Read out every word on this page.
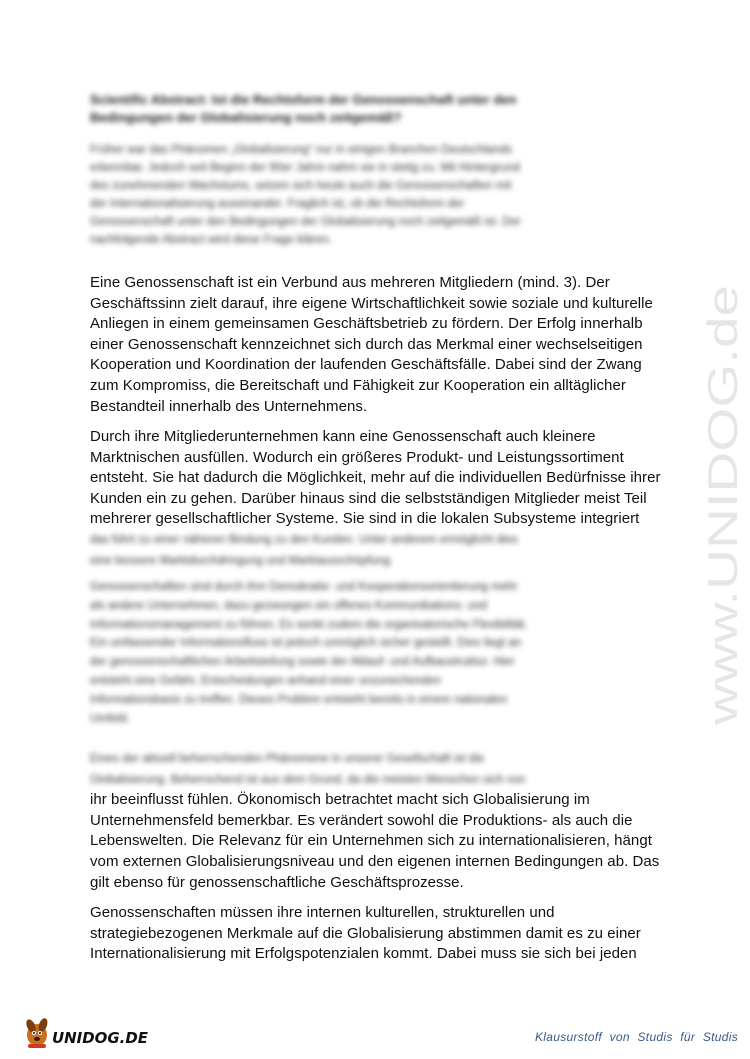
Scientific Abstract: Ist die Rechtsform der Genossenschaft unter den
Bedingungen der Globalisierung noch zeitgemäß?
Früher war das Phänomen „Globalisierung“ nur in einigen Branchen Deutschlands
erkennbar. Jedoch seit Beginn der 90er Jahre nahm sie in stetig zu. Mit Hintergrund
des zunehmenden Wachstums, setzen sich heute auch die Genossenschaften mit
der Internationalisierung auseinander. Fraglich ist, ob die Rechtsform der
Genossenschaft unter den Bedingungen der Globalisierung noch zeitgemäß ist. Der
nachfolgende Abstract wird diese Frage klären.
Eine Genossenschaft ist ein Verbund aus mehreren Mitgliedern (mind. 3). Der
Geschäftssinn zielt darauf, ihre eigene Wirtschaftlichkeit sowie soziale und kulturelle
Anliegen in einem gemeinsamen Geschäftsbetrieb zu fördern. Der Erfolg innerhalb
einer Genossenschaft kennzeichnet sich durch das Merkmal einer wechselseitigen
Kooperation und Koordination der laufenden Geschäftsfälle. Dabei sind der Zwang
zum Kompromiss, die Bereitschaft und Fähigkeit zur Kooperation ein alltäglicher
Bestandteil innerhalb des Unternehmens.
Durch ihre Mitgliederunternehmen kann eine Genossenschaft auch kleinere
Marktnischen ausfüllen. Wodurch ein größeres Produkt- und Leistungssortiment
entsteht. Sie hat dadurch die Möglichkeit, mehr auf die individuellen Bedürfnisse ihrer
Kunden ein zu gehen. Darüber hinaus sind die selbstständigen Mitglieder meist Teil
mehrerer gesellschaftlicher Systeme. Sie sind in die lokalen Subsysteme integriert
das führt zu einer näheren Bindung zu den Kunden. Unter anderem ermöglicht dies
eine bessere Marktdurchdringung und Marktausschöpfung.
Genossenschaften sind durch ihre Demokratie- und Kooperationsorientierung mehr
als andere Unternehmen, dazu gezwungen ein offenes Kommunikations- und
Informationsmanagement zu führen. Es senkt zudem die organisatorische Flexibilität.
Ein umfassender Informationsfluss ist jedoch unmöglich sicher gestellt. Dies liegt an
der genossenschaftlichen Arbeitsteilung sowie der Ablauf- und Aufbaustruktur. Hier
entsteht eine Gefahr, Entscheidungen anhand einer unzureichenden
Informationsbasis zu treffen. Dieses Problem entsteht bereits in einem nationalen
Umfeld.
Eines der aktuell beherrschenden Phänomene in unserer Gesellschaft ist die
Globalisierung. Beherrschend ist aus dem Grund, da die meisten Menschen sich von
ihr beeinflusst fühlen. Ökonomisch betrachtet macht sich Globalisierung im
Unternehmensfeld bemerkbar. Es verändert sowohl die Produktions- als auch die
Lebenswelten. Die Relevanz für ein Unternehmen sich zu internationalisieren, hängt
vom externen Globalisierungsniveau und den eigenen internen Bedingungen ab. Das
gilt ebenso für genossenschaftliche Geschäftsprozesse.
Genossenschaften müssen ihre internen kulturellen, strukturellen und
strategiebezogenen Merkmale auf die Globalisierung abstimmen damit es zu einer
Internationalisierung mit Erfolgspotenzialen kommt. Dabei muss sie sich bei jeden
www.UNIDOG.de
UNIDOG.DE	Klausurstoff von Studis für Studis
